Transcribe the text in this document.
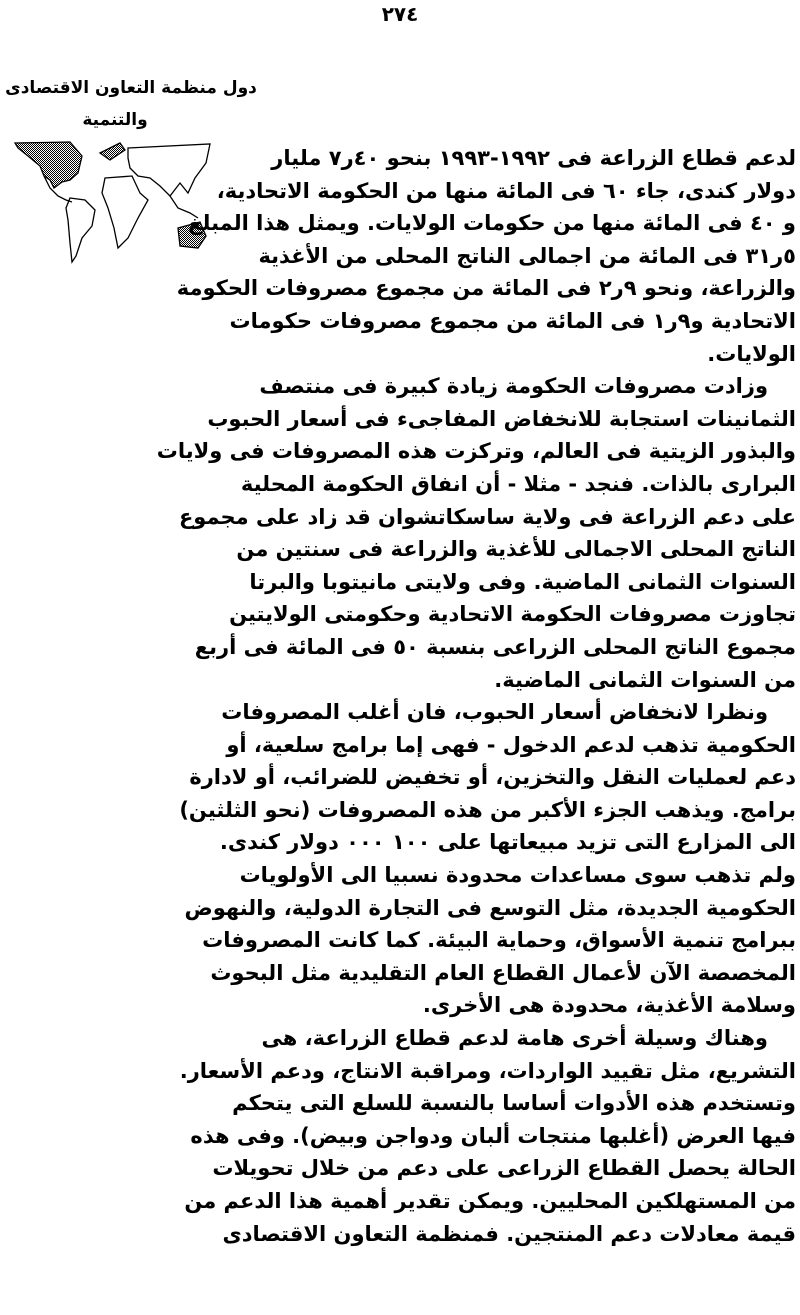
٢٧٤
دول منظمة التعاون الاقتصادى
والتنمية
لدعم قطاع الزراعة فى ١٩٩٢-١٩٩٣ بنحو ٤٠ر٧ مليار
دولار كندى، جاء ٦٠ فى المائة منها من الحكومة الاتحادية،
و ٤٠ فى المائة منها من حكومات الولايات. ويمثل هذا المبلغ
٥ر٣١ فى المائة من اجمالى الناتج المحلى من الأغذية
والزراعة، ونحو ٩ر٢ فى المائة من مجموع مصروفات الحكومة
الاتحادية و٩ر١ فى المائة من مجموع مصروفات حكومات
الولايات.
وزادت مصروفات الحكومة زيادة كبيرة فى منتصف
الثمانينات استجابة للانخفاض المفاجىء فى أسعار الحبوب
والبذور الزيتية فى العالم، وتركزت هذه المصروفات فى ولايات
البرارى بالذات. فنجد - مثلا - أن انفاق الحكومة المحلية
على دعم الزراعة فى ولاية ساسكاتشوان قد زاد على مجموع
الناتج المحلى الاجمالى للأغذية والزراعة فى سنتين من
السنوات الثمانى الماضية. وفى ولايتى مانيتوبا والبرتا
تجاوزت مصروفات الحكومة الاتحادية وحكومتى الولايتين
مجموع الناتج المحلى الزراعى بنسبة ٥٠ فى المائة فى أربع
من السنوات الثمانى الماضية.
ونظرا لانخفاض أسعار الحبوب، فان أغلب المصروفات
الحكومية تذهب لدعم الدخول - فهى إما برامج سلعية، أو
دعم لعمليات النقل والتخزين، أو تخفيض للضرائب، أو لادارة
برامج. ويذهب الجزء الأكبر من هذه المصروفات (نحو الثلثين)
الى المزارع التى تزيد مبيعاتها على ١٠٠ ٠٠٠ دولار كندى.
ولم تذهب سوى مساعدات محدودة نسبيا الى الأولويات
الحكومية الجديدة، مثل التوسع فى التجارة الدولية، والنهوض
ببرامج تنمية الأسواق، وحماية البيئة. كما كانت المصروفات
المخصصة الآن لأعمال القطاع العام التقليدية مثل البحوث
وسلامة الأغذية، محدودة هى الأخرى.
وهناك وسيلة أخرى هامة لدعم قطاع الزراعة، هى
التشريع، مثل تقييد الواردات، ومراقبة الانتاج، ودعم الأسعار.
وتستخدم هذه الأدوات أساسا بالنسبة للسلع التى يتحكم
فيها العرض (أغلبها منتجات ألبان ودواجن وبيض). وفى هذه
الحالة يحصل القطاع الزراعى على دعم من خلال تحويلات
من المستهلكين المحليين. ويمكن تقدير أهمية هذا الدعم من
قيمة معادلات دعم المنتجين. فمنظمة التعاون الاقتصادى
